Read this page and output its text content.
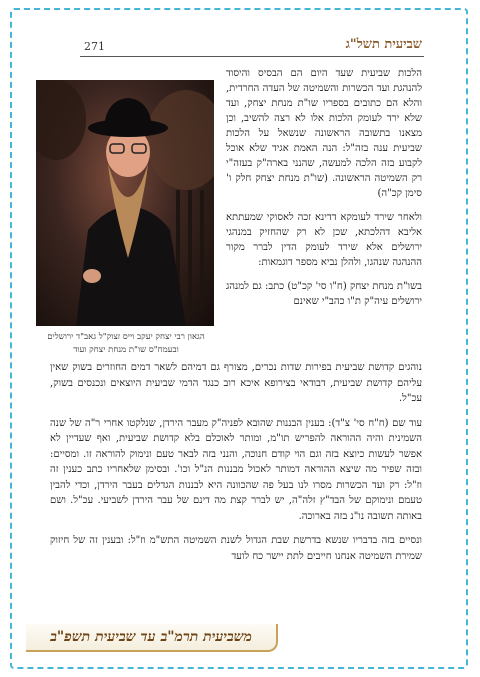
271	שביעית תשל"ג
הגאון רבי יצחק יעקב וייס זצוק"ל גאב"ד ירושלים ובעמח"ס שו"ת מנחת יצחק ועוד

הלכות שביעית שעד היום הם הבסיס והיסוד להנהגת ועד הכשרות והשמיטה של העדה החרדית, והלא הם כתובים בספריו שו"ת מנחת יצחק, ועד שלא ירד לעומק הלכות אלו לא רצה להשיב, וכן מצאנו בתשובה הראשונה שנשאל על הלכות שביעית ענה בזה"ל: הנה האמת אגיד שלא אוכל לקבוע בזה הלכה למעשה, שהנני בארה"ק בעזה"י רק השמיטה הראשונה. (שו"ת מנחת יצחק חלק ו' סימן קכ"ה)

ולאחר שירד לעומקא דדינא זכה לאסוקי שמעתתא אליבא דהלכתא, שכן לא רק שהחזיק במנהגי ירושלים אלא שירד לעומק הדין לברר מקור ההנהגה שנהגו, ולהלן נביא מספר דוגמאות:

בשו"ת מנחת יצחק (ח"ו סי' קכ"ט) כתב: גם למנהג ירושלים עיה"ק ת"ו כהב"י שאינם

נוהגים קדושת שביעית בפירות שדות נכרים, מצורף גם דמיהם לשאר דמים החוזרים בשוק שאין עליהם קדושת שביעית, דבודאי בצירופא איכא רוב כנגד הדמי שביעית היוצאים ונכנסים בשוק, עכ"ל.

עוד שם (ח"ח סי' צ"ד): בענין הבננות שהובא לפניה"ק מעבר הירדן, שנלקטו אחרי ר"ה של שנה השמינית והיה ההוראה להפריש תו"מ, ומותר לאוכלם בלא קדושת שביעית, ואף שעדיין לא אפשר לעשות כיוצא בזה וגם הוי קודם חנוכה, והנני בזה לבאר טעם ונימוק להוראה זו. ומסיים: ובזה שפיר מה שיצא ההוראה דמותר לאכול מבננות הנ"ל וכו'. ובסימן שלאחריו כתב כענין זה וז"ל: רק ועד הכשרות מסרו לנו בעל פה שהכוונה היא לבננות הגדלים בעבר הירדן, וכדי להבין טעמם ונימוקם של הבד"ץ זלה"ה, יש לברר קצת מה דינם של עבר הירדן לשביעי. עכ"ל. ושם באותה תשובה נו"נ בזה בארוכה.

ונסיים בזה בדבריו שנשא בדרשת שבת הגדול לשנת השמיטה התש"מ וז"ל: ובענין זה של חיזוק שמירת השמיטה אנחנו חייבים לתת יישר כח לועד

משביעית תרמ"ב עד שביעית תשפ"ב
